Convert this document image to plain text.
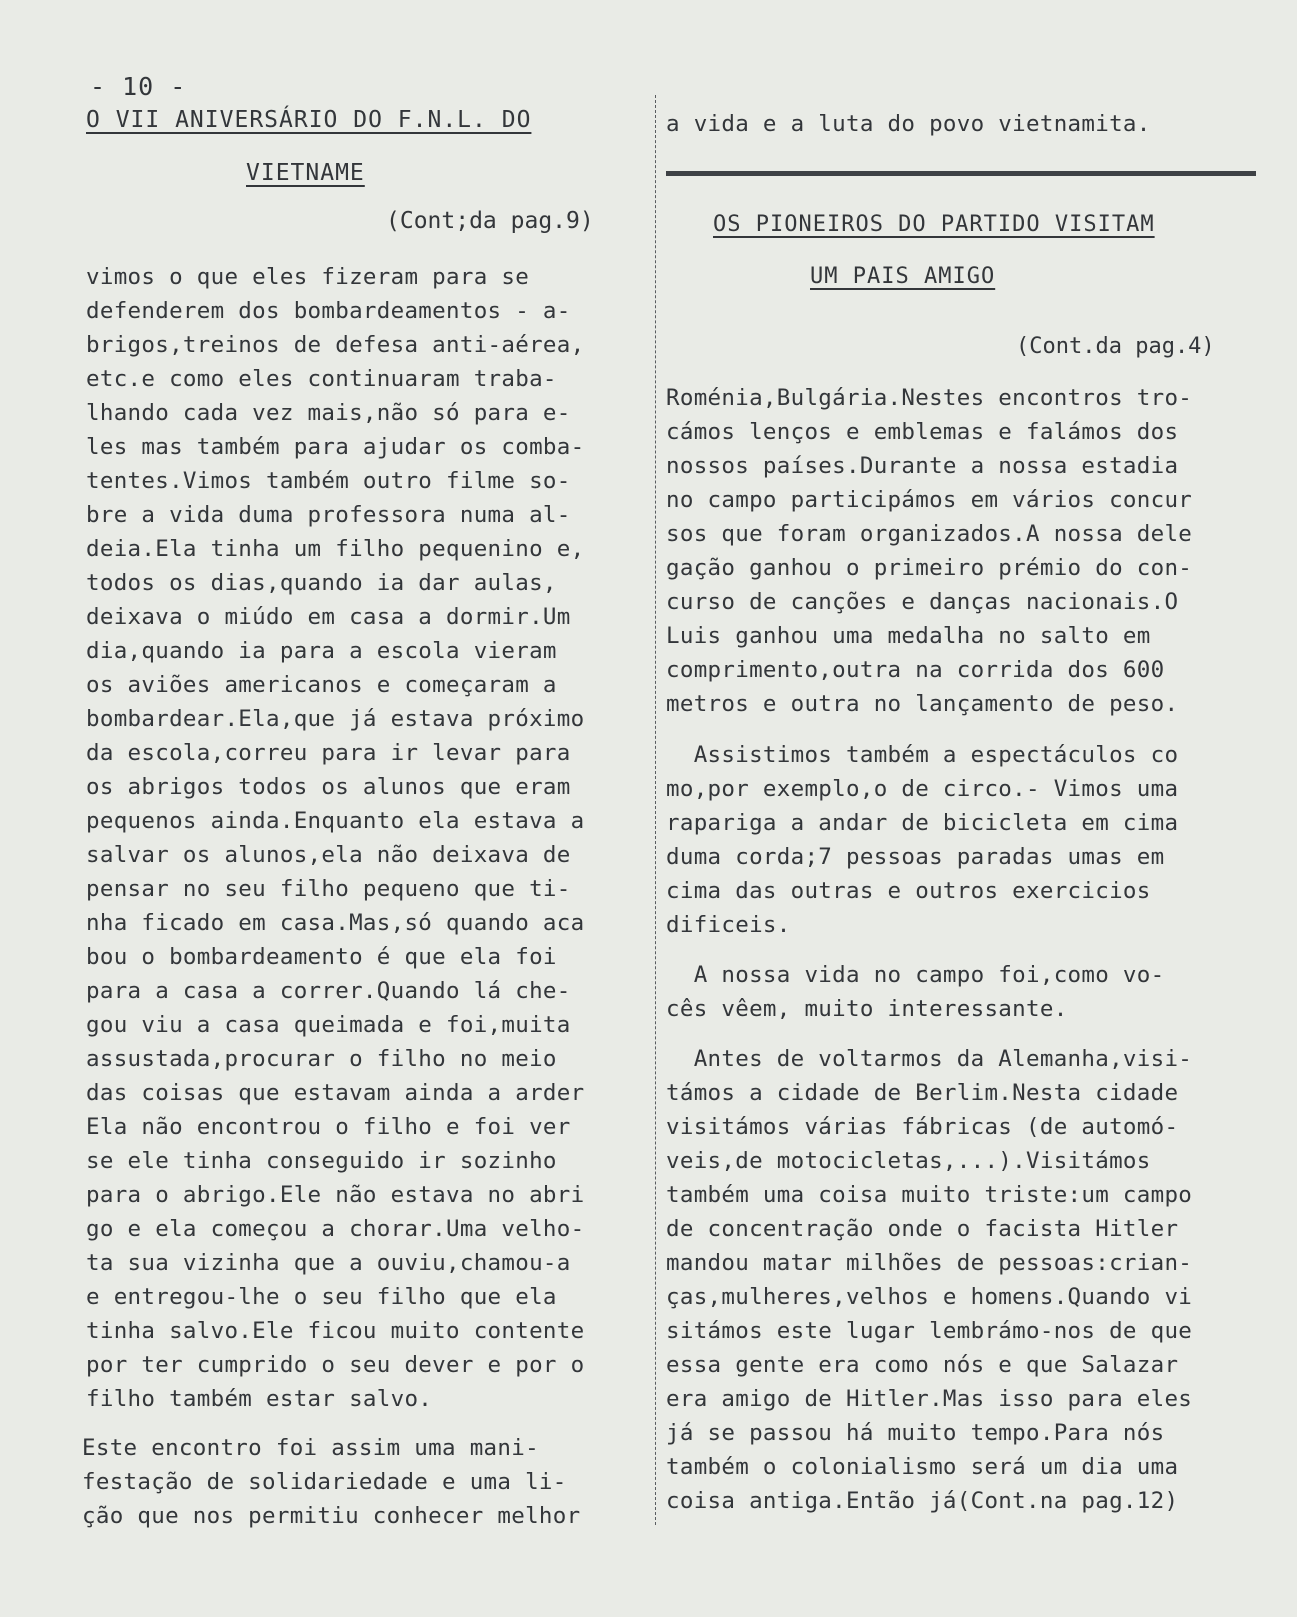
- 10 -
O VII ANIVERSÁRIO DO F.N.L. DO
VIETNAME
(Cont;da pag.9)
vimos o que eles fizeram para se
defenderem dos bombardeamentos - a-
brigos,treinos de defesa anti-aérea,
etc.e como eles continuaram traba-
lhando cada vez mais,não só para e-
les mas também para ajudar os comba-
tentes.Vimos também outro filme so-
bre a vida duma professora numa al-
deia.Ela tinha um filho pequenino e,
todos os dias,quando ia dar aulas,
deixava o miúdo em casa a dormir.Um
dia,quando ia para a escola vieram
os aviões americanos e começaram a
bombardear.Ela,que já estava próximo
da escola,correu para ir levar para
os abrigos todos os alunos que eram
pequenos ainda.Enquanto ela estava a
salvar os alunos,ela não deixava de
pensar no seu filho pequeno que ti-
nha ficado em casa.Mas,só quando aca
bou o bombardeamento é que ela foi
para a casa a correr.Quando lá che-
gou viu a casa queimada e foi,muita
assustada,procurar o filho no meio
das coisas que estavam ainda a arder
Ela não encontrou o filho e foi ver
se ele tinha conseguido ir sozinho
para o abrigo.Ele não estava no abri
go e ela começou a chorar.Uma velho-
ta sua vizinha que a ouviu,chamou-a
e entregou-lhe o seu filho que ela
tinha salvo.Ele ficou muito contente
por ter cumprido o seu dever e por o
filho também estar salvo.
Este encontro foi assim uma mani-
festação de solidariedade e uma li-
ção que nos permitiu conhecer melhor
a vida e a luta do povo vietnamita.
OS PIONEIROS DO PARTIDO VISITAM
UM PAIS AMIGO
(Cont.da pag.4)
Roménia,Bulgária.Nestes encontros tro-
cámos lenços e emblemas e falámos dos
nossos países.Durante a nossa estadia
no campo participámos em vários concur
sos que foram organizados.A nossa dele
gação ganhou o primeiro prémio do con-
curso de canções e danças nacionais.O
Luis ganhou uma medalha no salto em
comprimento,outra na corrida dos 600
metros e outra no lançamento de peso.
Assistimos também a espectáculos co
mo,por exemplo,o de circo.- Vimos uma
rapariga a andar de bicicleta em cima
duma corda;7 pessoas paradas umas em
cima das outras e outros exercicios
dificeis.
A nossa vida no campo foi,como vo-
cês vêem, muito interessante.
Antes de voltarmos da Alemanha,visi-
támos a cidade de Berlim.Nesta cidade
visitámos várias fábricas (de automó-
veis,de motocicletas,...).Visitámos
também uma coisa muito triste:um campo
de concentração onde o facista Hitler
mandou matar milhões de pessoas:crian-
ças,mulheres,velhos e homens.Quando vi
sitámos este lugar lembrámo-nos de que
essa gente era como nós e que Salazar
era amigo de Hitler.Mas isso para eles
já se passou há muito tempo.Para nós
também o colonialismo será um dia uma
coisa antiga.Então já(Cont.na pag.12)
